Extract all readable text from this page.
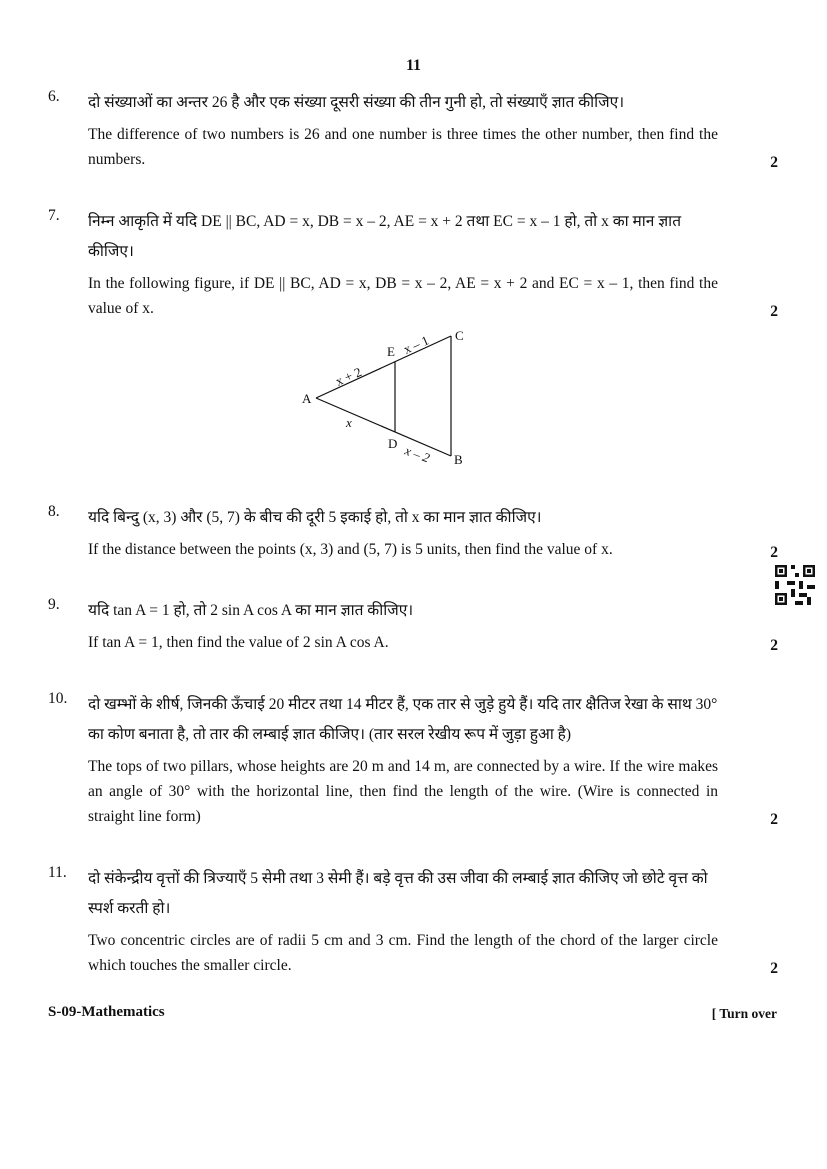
11
6.	दो संख्याओं का अन्तर 26 है और एक संख्या दूसरी संख्या की तीन गुनी हो, तो संख्याएँ ज्ञात कीजिए।
The difference of two numbers is 26 and one number is three times the other number, then find the numbers.	2
7.	निम्न आकृति में यदि DE || BC, AD = x, DB = x – 2, AE = x + 2 तथा EC = x – 1 हो, तो x का मान ज्ञात कीजिए।
In the following figure, if DE || BC, AD = x, DB = x – 2, AE = x + 2 and EC = x – 1, then find the value of x.	2
A
C
B
E
D
x + 2
x – 1
x
x – 2
8.	यदि बिन्दु (x, 3) और (5, 7) के बीच की दूरी 5 इकाई हो, तो x का मान ज्ञात कीजिए।
If the distance between the points (x, 3) and (5, 7) is 5 units, then find the value of x.	2
9.	यदि tan A = 1 हो, तो 2 sin A cos A का मान ज्ञात कीजिए।
If tan A = 1, then find the value of 2 sin A cos A.	2
10.	दो खम्भों के शीर्ष, जिनकी ऊँचाई 20 मीटर तथा 14 मीटर हैं, एक तार से जुड़े हुये हैं। यदि तार क्षैतिज रेखा के साथ 30° का कोण बनाता है, तो तार की लम्बाई ज्ञात कीजिए। (तार सरल रेखीय रूप में जुड़ा हुआ है)
The tops of two pillars, whose heights are 20 m and 14 m, are connected by a wire. If the wire makes an angle of 30° with the horizontal line, then find the length of the wire. (Wire is connected in straight line form)	2
11.	दो संकेन्द्रीय वृत्तों की त्रिज्याएँ 5 सेमी तथा 3 सेमी हैं। बड़े वृत्त की उस जीवा की लम्बाई ज्ञात कीजिए जो छोटे वृत्त को स्पर्श करती हो।
Two concentric circles are of radii 5 cm and 3 cm. Find the length of the chord of the larger circle which touches the smaller circle.	2
S-09-Mathematics	[ Turn over
